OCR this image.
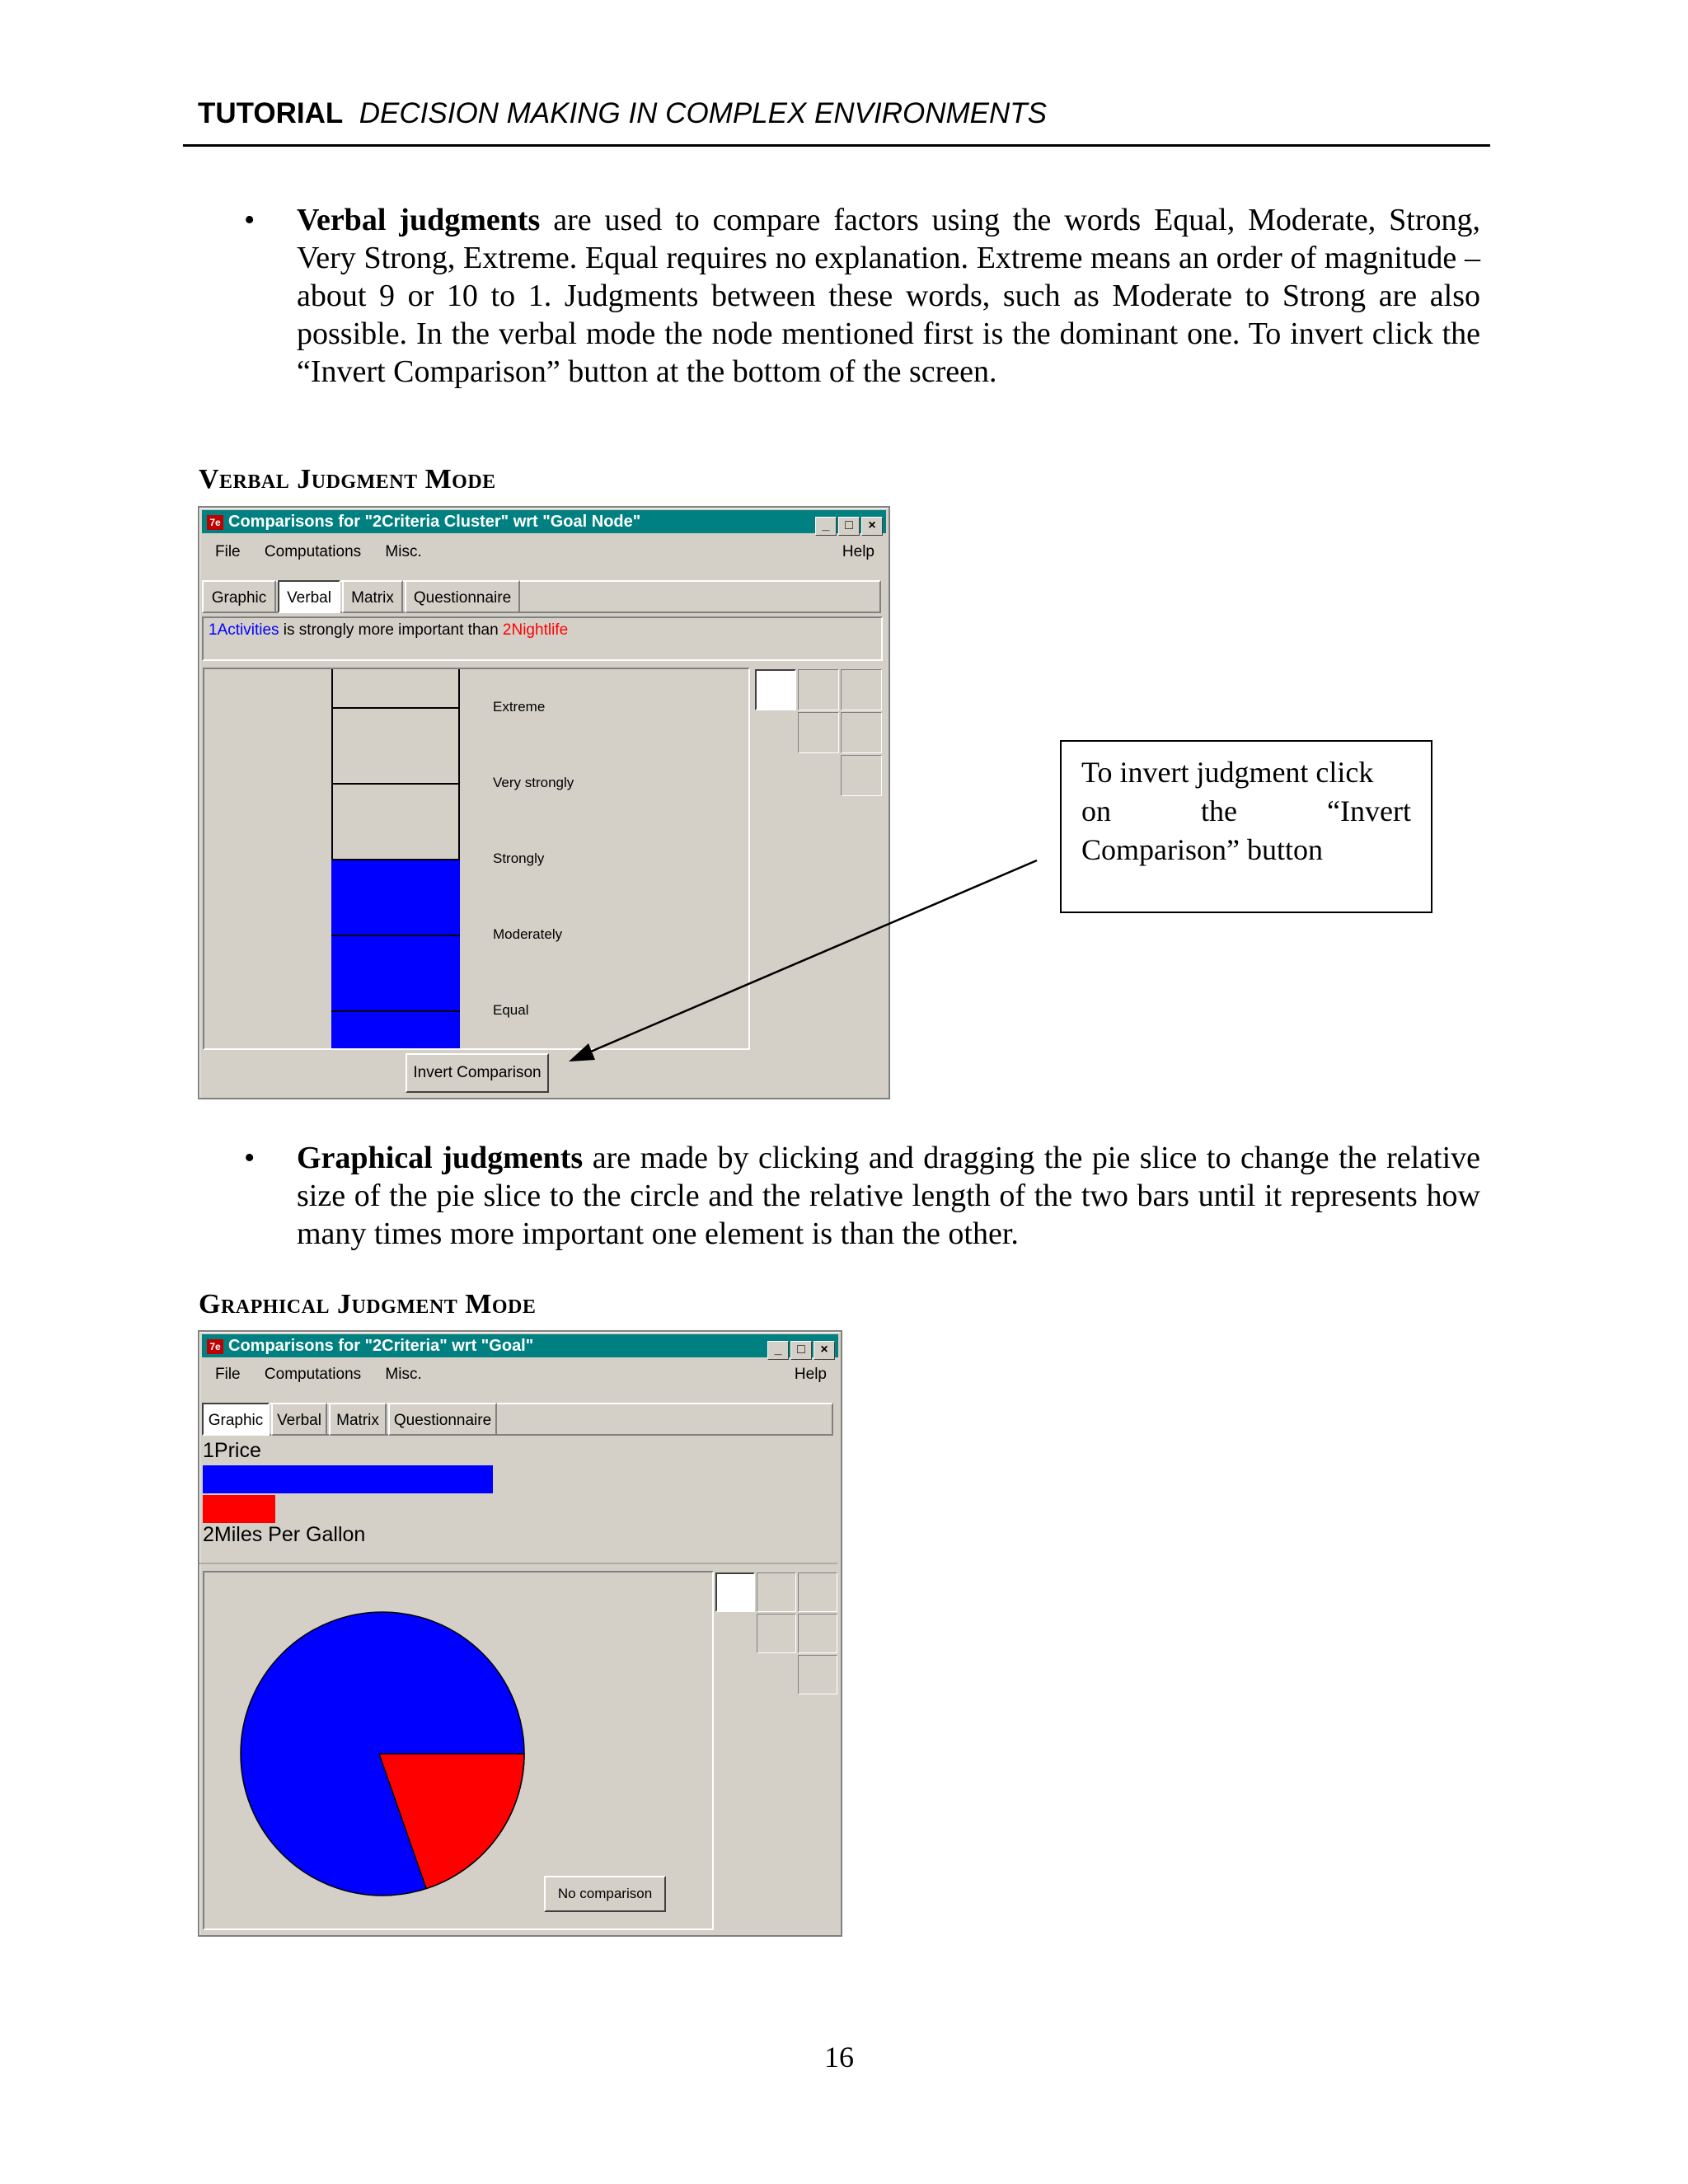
TUTORIAL DECISION MAKING IN COMPLEX ENVIRONMENTS
• Verbal judgments are used to compare factors using the words Equal, Moderate, Strong, Very Strong, Extreme. Equal requires no explanation. Extreme means an order of magnitude – about 9 or 10 to 1. Judgments between these words, such as Moderate to Strong are also possible. In the verbal mode the node mentioned first is the dominant one. To invert click the “Invert Comparison” button at the bottom of the screen.
Verbal Judgment Mode
7e Comparisons for "2Criteria Cluster" wrt "Goal Node"	_ □ ×
File Computations Misc.	Help
Graphic	Verbal	Matrix	Questionnaire
1Activities is strongly more important than 2Nightlife
Extreme
Very strongly
Strongly
Moderately
Equal
Invert Comparison
To invert judgment click
on	the	“Invert
Comparison” button
• Graphical judgments are made by clicking and dragging the pie slice to change the relative size of the pie slice to the circle and the relative length of the two bars until it represents how many times more important one element is than the other.
Graphical Judgment Mode
7e Comparisons for "2Criteria" wrt "Goal"	_ □ ×
File Computations Misc.	Help
Graphic Verbal Matrix Questionnaire
1Price
2Miles Per Gallon
No comparison
16
